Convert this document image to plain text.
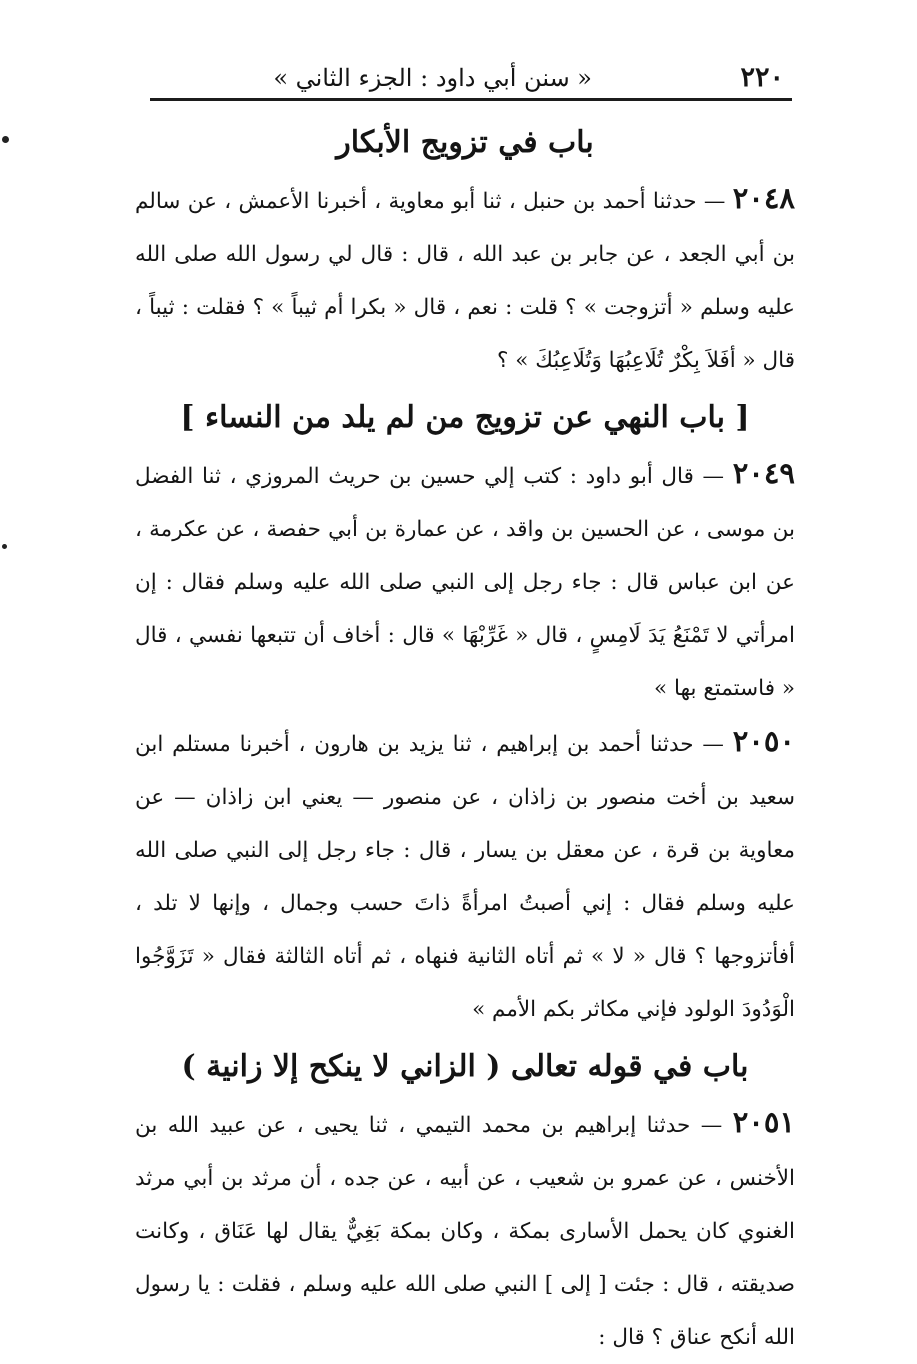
٢٢٠
« سنن أبي داود : الجزء الثاني »
باب في تزويج الأبكار

٢٠٤٨ — حدثنا أحمد بن حنبل ، ثنا أبو معاوية ، أخبرنا الأعمش ، عن سالم بن أبي الجعد ، عن جابر بن عبد الله ، قال : قال لي رسول الله صلى الله عليه وسلم « أتزوجت » ؟ قلت : نعم ، قال « بكرا أم ثيباً » ؟ فقلت : ثيباً ، قال « أفَلاَ بِكْرٌ تُلَاعِبُهَا وَتُلَاعِبُكَ » ؟

[ باب النهي عن تزويج من لم يلد من النساء ]

٢٠٤٩ — قال أبو داود : كتب إلي حسين بن حريث المروزي ، ثنا الفضل بن موسى ، عن الحسين بن واقد ، عن عمارة بن أبي حفصة ، عن عكرمة ، عن ابن عباس قال : جاء رجل إلى النبي صلى الله عليه وسلم فقال : إن امرأتي لا تَمْنَعُ يَدَ لَامِسٍ ، قال « غَرِّبْهَا » قال : أخاف أن تتبعها نفسي ، قال « فاستمتع بها »

٢٠٥٠ — حدثنا أحمد بن إبراهيم ، ثنا يزيد بن هارون ، أخبرنا مستلم ابن سعيد بن أخت منصور بن زاذان ، عن منصور — يعني ابن زاذان — عن معاوية بن قرة ، عن معقل بن يسار ، قال : جاء رجل إلى النبي صلى الله عليه وسلم فقال : إني أصبتُ امرأةً ذاتَ حسب وجمال ، وإنها لا تلد ، أفأتزوجها ؟ قال « لا » ثم أتاه الثانية فنهاه ، ثم أتاه الثالثة فقال « تَزَوَّجُوا الْوَدُودَ الولود فإني مكاثر بكم الأمم »

باب في قوله تعالى ( الزاني لا ينكح إلا زانية )

٢٠٥١ — حدثنا إبراهيم بن محمد التيمي ، ثنا يحيى ، عن عبيد الله بن الأخنس ، عن عمرو بن شعيب ، عن أبيه ، عن جده ، أن مرثد بن أبي مرثد الغنوي كان يحمل الأسارى بمكة ، وكان بمكة بَغِيٌّ يقال لها عَنَاق ، وكانت صديقته ، قال : جئت [ إلى ] النبي صلى الله عليه وسلم ، فقلت : يا رسول الله أنكح عناق ؟ قال :
